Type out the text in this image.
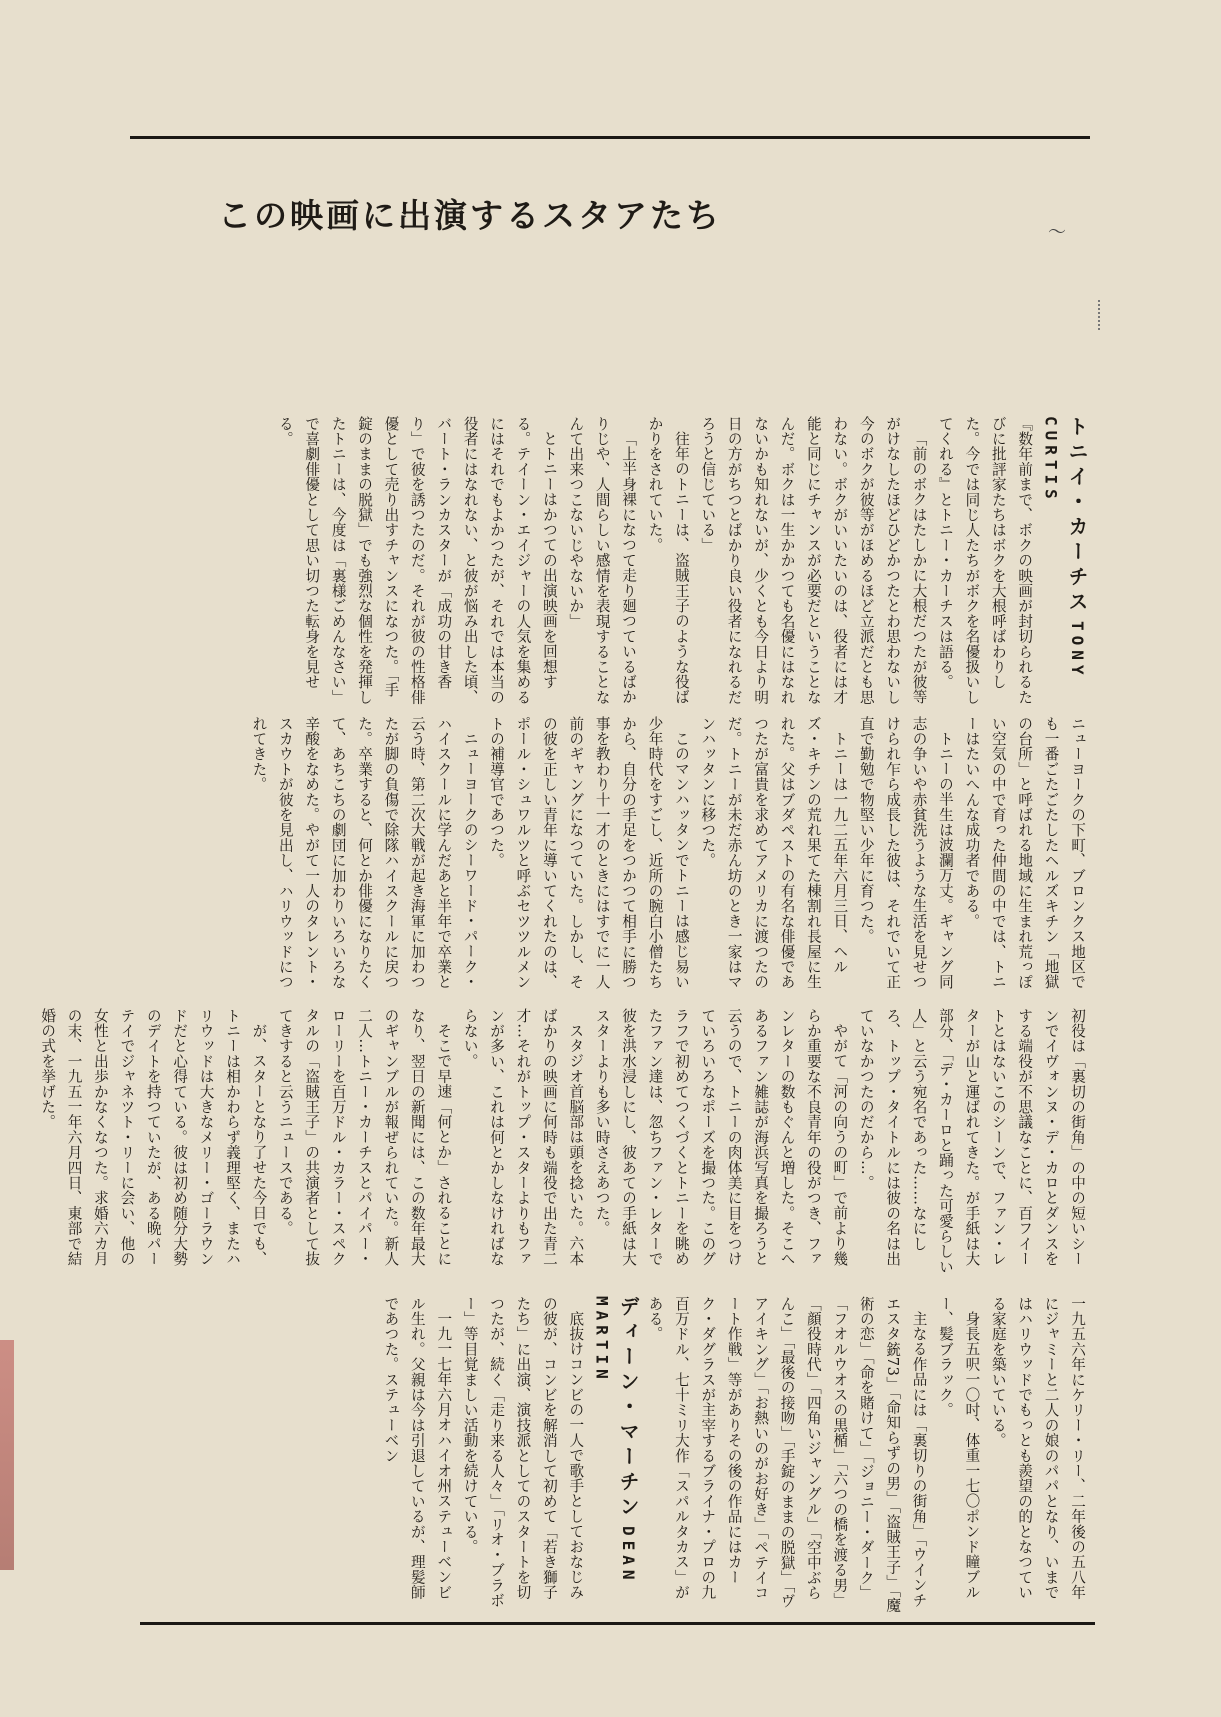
この映画に出演するスタアたち	〜
トニイ・カーチス TONY CURTIS

『数年前まで、ボクの映画が封切られるたびに批評家たちはボクを大根呼ばわりした。今では同じ人たちがボクを名優扱いしてくれる』とトニー・カーチスは語る。

「前のボクはたしかに大根だつたが彼等がけなしたほどひどかつたとわ思わないし今のボクが彼等がほめるほど立派だとも思わない。ボクがいいたいのは、役者には才能と同じにチャンスが必要だということなんだ。ボクは一生かかつても名優にはなれないかも知れないが、少くとも今日より明日の方がちつとばかり良い役者になれるだろうと信じている」

往年のトニーは、盗賊王子のような役ばかりをされていた。

「上半身裸になつて走り廻つているばかりじや、人間らしい感情を表現することなんて出来つこないじやないか」

とトニーはかつての出演映画を回想する。テイーン・エイジャーの人気を集めるにはそれでもよかつたが、それでは本当の役者にはなれない、と彼が悩み出した頃、バート・ランカスターが「成功の甘き香り」で彼を誘つたのだ。それが彼の性格俳優として売り出すチャンスになつた。「手錠のままの脱獄」でも強烈な個性を発揮したトニーは、今度は「裏様ごめんなさい」で喜劇俳優として思い切つた転身を見せる。

ニューヨークの下町、ブロンクス地区でも一番ごたごたしたヘルズキチン「地獄の台所」と呼ばれる地域に生まれ荒っぽい空気の中で育った仲間の中では、トニーはたいへんな成功者である。

トニーの半生は波瀾万丈。ギャング同志の争いや赤貧洗うような生活を見せつけられ乍ら成長した彼は、それでいて正直で勤勉で物堅い少年に育つた。

トニーは一九二五年六月三日、ヘルズ・キチンの荒れ果てた棟割れ長屋に生れた。父はブダペストの有名な俳優であつたが富貴を求めてアメリカに渡つたのだ。トニーが未だ赤ん坊のとき一家はマンハッタンに移つた。

このマンハッタンでトニーは感じ易い少年時代をすごし、近所の腕白小僧たちから、自分の手足をつかつて相手に勝つ事を教わり十一才のときにはすでに一人前のギャングになつていた。しかし、その彼を正しい青年に導いてくれたのは、ポール・シュワルツと呼ぶセツツルメントの補導官であつた。

ニューヨークのシーワード・パーク・ハイスクールに学んだあと半年で卒業と云う時、第二次大戦が起き海軍に加わつたが脚の負傷で除隊ハイスクールに戻つた。卒業すると、何とか俳優になりたくて、あちこちの劇団に加わりいろいろな辛酸をなめた。やがて一人のタレント・スカウトが彼を見出し、ハリウッドにつれてきた。

初役は「裏切の街角」の中の短いシーンでイヴォンヌ・デ・カロとダンスをする端役が不思議なことに、百フイートとはないこのシーンで、ファン・レターが山と運ばれてきた。が手紙は大部分、「デ・カーロと踊った可愛らしい人」と云う宛名であった……なにしろ、トップ・タイトルには彼の名は出ていなかつたのだから…。

やがて「河の向うの町」で前より幾らか重要な不良青年の役がつき、ファンレターの数もぐんと増した。そこへあるファン雑誌が海浜写真を撮ろうと云うので、トニーの肉体美に目をつけていろいろなポーズを撮つた。このグラフで初めてつくづくとトニーを眺めたファン達は、忽ちファン・レターで彼を洪水浸しにし、彼あての手紙は大スターよりも多い時さえあつた。

スタジオ首脳部は頭を捻いた。六本ばかりの映画に何時も端役で出た青二才…それがトップ・スターよりもファンが多い、これは何とかしなければならない。

そこで早速「何とか」されることになり、翌日の新聞には、この数年最大のギャンブルが報ぜられていた。新人二人…トニー・カーチスとパイパー・ローリーを百万ドル・カラー・スペクタルの「盗賊王子」の共演者として抜てきすると云うニュースである。

が、スターとなり了せた今日でも、トニーは相かわらず義理堅く、またハリウッドは大きなメリー・ゴーラウンドだと心得ている。彼は初め随分大勢のデイトを持つていたが、ある晩パーテイでジャネツト・リーに会い、他の女性と出歩かなくなつた。求婚六カ月の末、一九五一年六月四日、東部で結婚の式を挙げた。

一九五六年にケリー・リー、二年後の五八年にジャミーと二人の娘のパパとなり、いまではハリウッドでもっとも羨望の的となつている家庭を築いている。

身長五呎一〇吋、体重一七〇ポンド瞳ブルー、髪ブラック。

主なる作品には「裏切りの街角」「ウインチエスタ銃73」「命知らずの男」「盗賊王子」「魔術の恋」「命を賭けて」「ジョニー・ダーク」「フオルウオスの黒楯」「六つの橋を渡る男」「顔役時代」「四角いジャングル」「空中ぶらんこ」「最後の接吻」「手錠のままの脱獄」「ヴアイキング」「お熱いのがお好き」「ペテイコート作戦」等がありその後の作品にはカーク・ダグラスが主宰するブライナ・プロの九百万ドル、七十ミリ大作「スパルタカス」がある。

ディーン・マーチン DEAN MARTIN

底抜けコンビの一人で歌手としておなじみの彼が、コンビを解消して初めて「若き獅子たち」に出演、演技派としてのスタートを切つたが、続く「走り来る人々」「リオ・ブラボー」等目覚ましい活動を続けている。

一九一七年六月オハイオ州ステューベンビル生れ。父親は今は引退しているが、理髪師であつた。ステューベン
